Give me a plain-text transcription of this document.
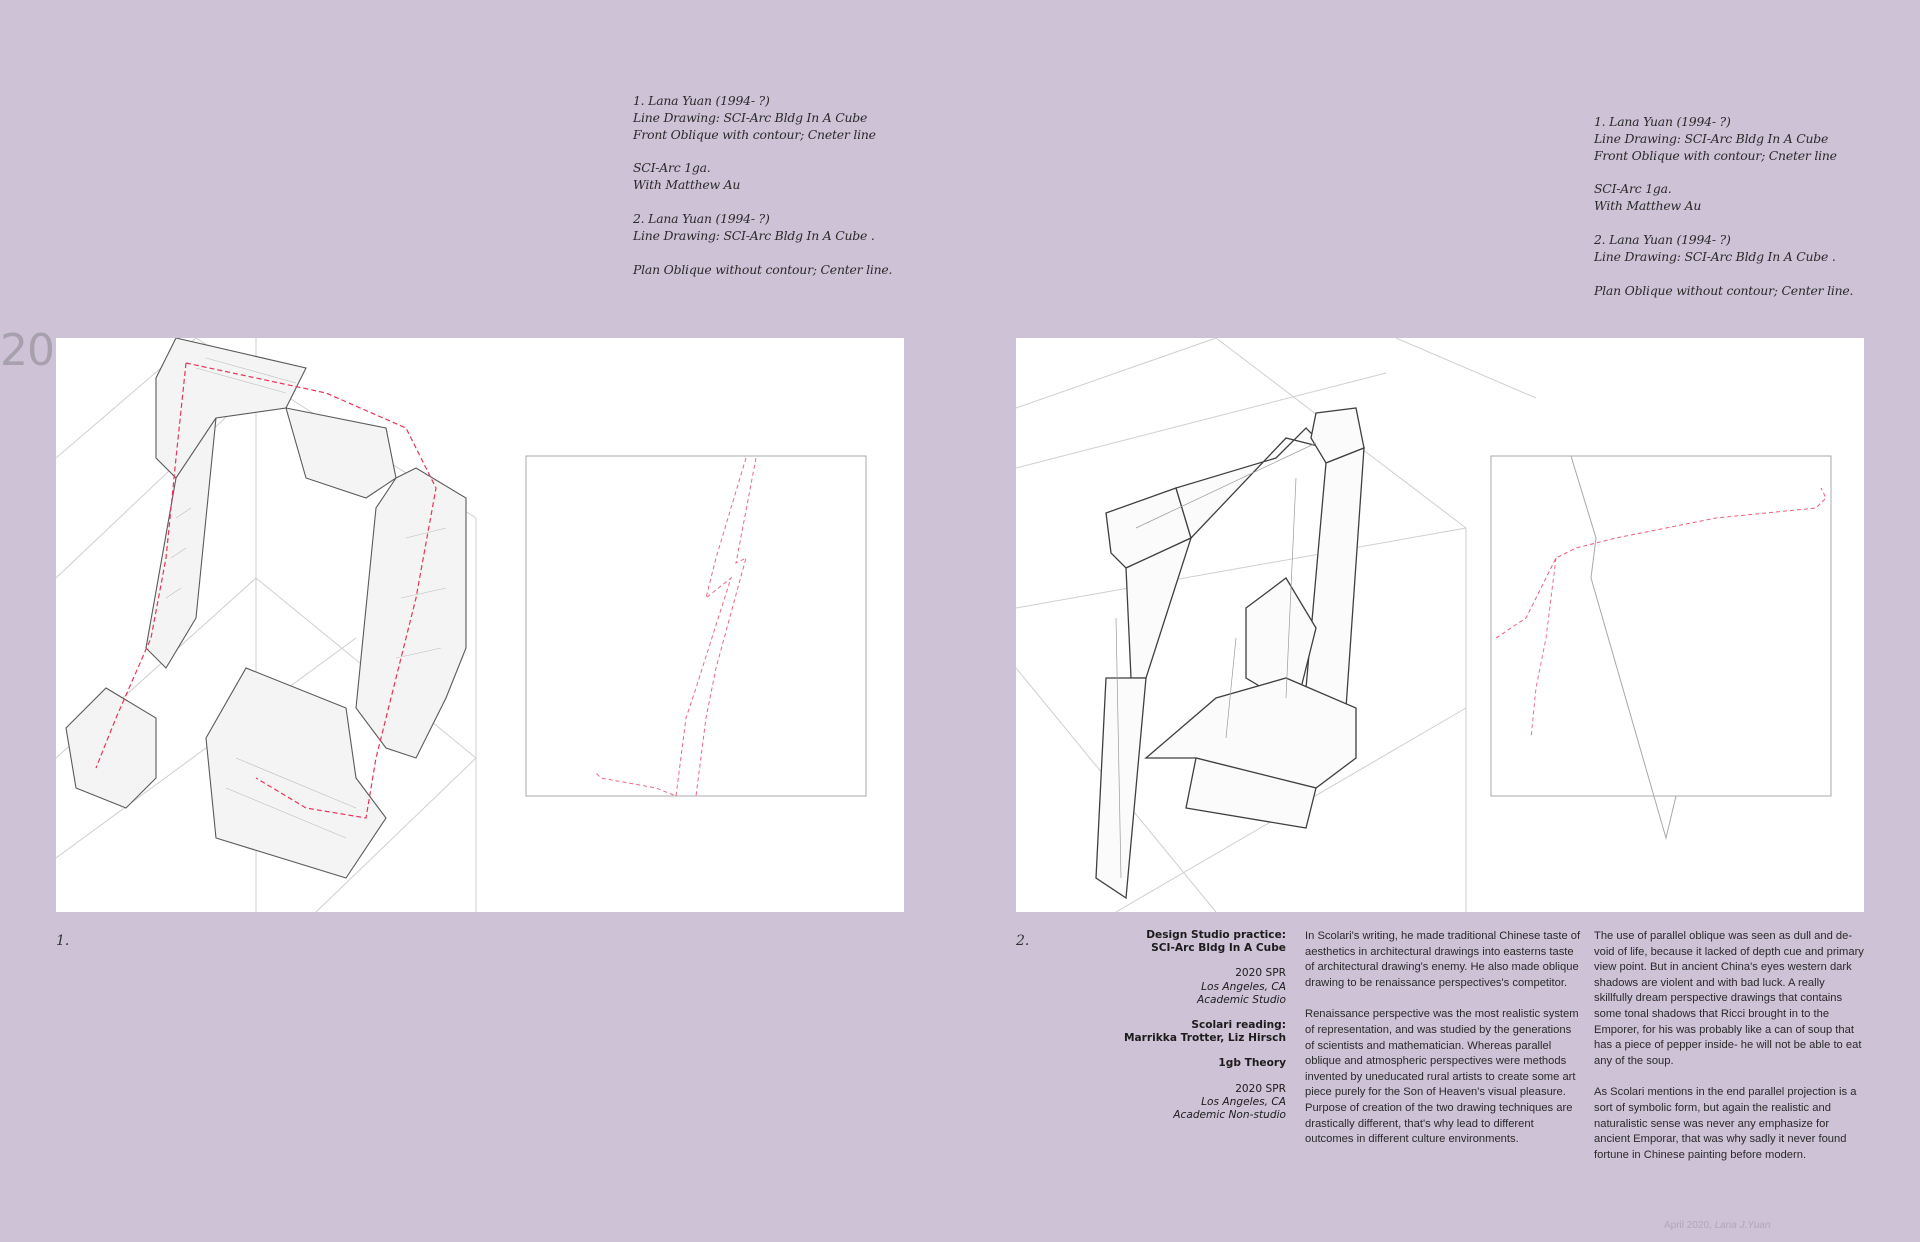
1. Lana Yuan (1994- ?)
Line Drawing: SCI-Arc Bldg In A Cube
Front Oblique with contour; Cneter line
SCI-Arc 1ga.
With Matthew Au
2. Lana Yuan (1994- ?)
Line Drawing: SCI-Arc Bldg In A Cube .
Plan Oblique without contour; Center line.
1. Lana Yuan (1994- ?)
Line Drawing: SCI-Arc Bldg In A Cube
Front Oblique with contour; Cneter line
SCI-Arc 1ga.
With Matthew Au
2. Lana Yuan (1994- ?)
Line Drawing: SCI-Arc Bldg In A Cube .
Plan Oblique without contour; Center line.
20
1.	2.	Design Studio practice:
SCI-Arc Bldg In A Cube
2020 SPR
Los Angeles, CA
Academic Studio
Scolari reading:
Marrikka Trotter, Liz Hirsch
1gb Theory
2020 SPR
Los Angeles, CA
Academic Non-studio

In Scolari's writing, he made traditional Chinese taste of aesthetics in architectural drawings into easterns taste of architectural drawing's enemy. He also made oblique drawing to be renaissance perspectives's competitor.

Renaissance perspective was the most realistic system of representation, and was studied by the generations of scientists and mathematician. Whereas parallel oblique and atmospheric perspectives were methods invented by uneducated rural artists to create some art piece purely for the Son of Heaven's visual pleasure. Purpose of creation of the two drawing techniques are drastically different, that's why lead to different outcomes in different culture environments.

The use of parallel oblique was seen as dull and de-void of life, because it lacked of depth cue and primary view point. But in ancient China's eyes western dark shadows are violent and with bad luck. A really skillfully dream perspective drawings that contains some tonal shadows that Ricci brought in to the Emporer, for his was probably like a can of soup that has a piece of pepper inside- he will not be able to eat any of the soup.

As Scolari mentions in the end parallel projection is a sort of symbolic form, but again the realistic and naturalistic sense was never any emphasize for ancient Emporar, that was why sadly it never found fortune in Chinese painting before modern.

April 2020, Lana J.Yuan
